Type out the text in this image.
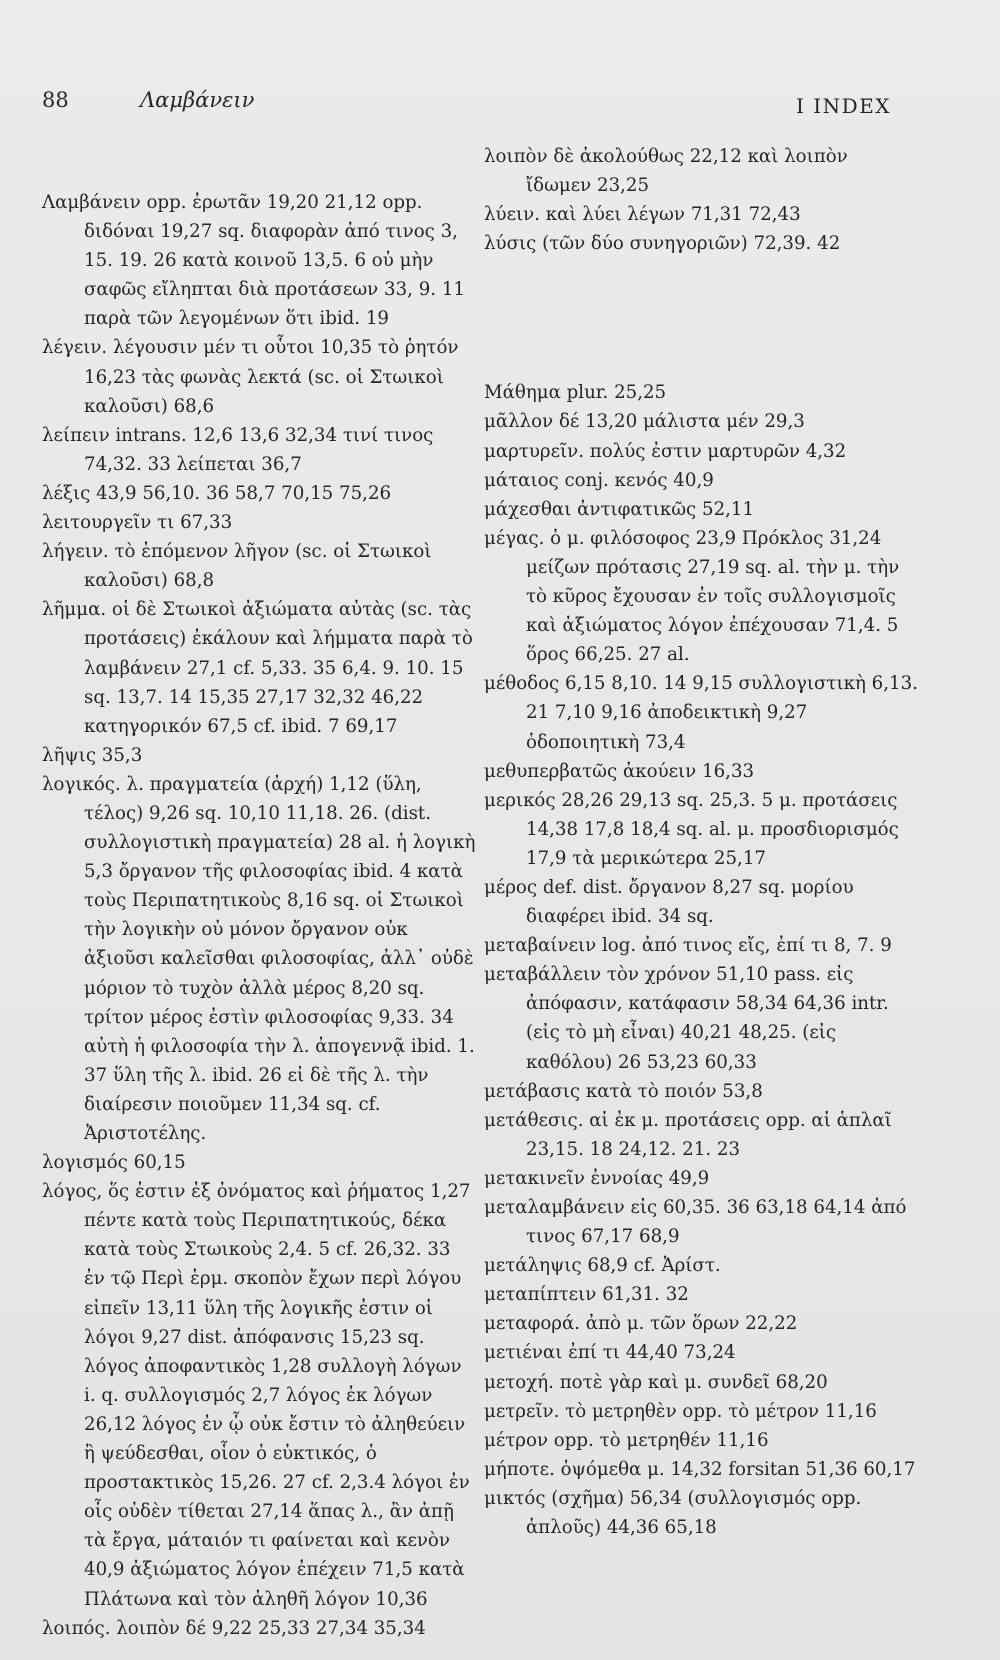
88	Λαμβάνειν	I INDEX

Λαμβάνειν opp. ἐρωτᾶν 19,20 21,12 opp. διδόναι 19,27 sq. διαφορὰν ἀπό τινος 3, 15. 19. 26 κατὰ κοινοῦ 13,5. 6 οὐ μὴν σαφῶς εἴληπται διὰ προτάσεων 33, 9. 11 παρὰ τῶν λεγομένων ὅτι ibid. 19

λέγειν. λέγουσιν μέν τι οὗτοι 10,35 τὸ ῥητόν 16,23 τὰς φωνὰς λεκτά (sc. οἱ Στωικοὶ καλοῦσι) 68,6

λείπειν intrans. 12,6 13,6 32,34 τινί τινος 74,32. 33 λείπεται 36,7

λέξις 43,9 56,10. 36 58,7 70,15 75,26

λειτουργεῖν τι 67,33

λήγειν. τὸ ἑπόμενον λῆγον (sc. οἱ Στωικοὶ καλοῦσι) 68,8

λῆμμα. οἱ δὲ Στωικοὶ ἀξιώματα αὐτὰς (sc. τὰς προτάσεις) ἐκάλουν καὶ λήμματα παρὰ τὸ λαμβάνειν 27,1 cf. 5,33. 35 6,4. 9. 10. 15 sq. 13,7. 14 15,35 27,17 32,32 46,22 κατηγορικόν 67,5 cf. ibid. 7 69,17

λῆψις 35,3

λογικός. λ. πραγματεία (ἀρχή) 1,12 (ὕλη, τέλος) 9,26 sq. 10,10 11,18. 26. (dist. συλλογιστικὴ πραγματεία) 28 al. ἡ λογικὴ 5,3 ὄργανον τῆς φιλοσοφίας ibid. 4 κατὰ τοὺς Περιπατητικοὺς 8,16 sq. οἱ Στωικοὶ τὴν λογικὴν οὐ μόνον ὄργανον οὐκ ἀξιοῦσι καλεῖσθαι φιλοσοφίας, ἀλλ᾽ οὐδὲ μόριον τὸ τυχὸν ἀλλὰ μέρος 8,20 sq. τρίτον μέρος ἐστὶν φιλοσοφίας 9,33. 34 αὐτὴ ἡ φιλοσοφία τὴν λ. ἀπογεννᾷ ibid. 1. 37 ὕλη τῆς λ. ibid. 26 εἰ δὲ τῆς λ. τὴν διαίρεσιν ποιοῦμεν 11,34 sq. cf. Ἀριστοτέλης.

λογισμός 60,15

λόγος, ὅς ἐστιν ἐξ ὀνόματος καὶ ῥήματος 1,27 πέντε κατὰ τοὺς Περιπατητικούς, δέκα κατὰ τοὺς Στωικοὺς 2,4. 5 cf. 26,32. 33 ἐν τῷ Περὶ ἑρμ. σκοπὸν ἔχων περὶ λόγου εἰπεῖν 13,11 ὕλη τῆς λογικῆς ἐστιν οἱ λόγοι 9,27 dist. ἀπόφανσις 15,23 sq. λόγος ἀποφαντικὸς 1,28 συλλογὴ λόγων i. q. συλλογισμός 2,7 λόγος ἐκ λόγων 26,12 λόγος ἐν ᾧ οὐκ ἔστιν τὸ ἀληθεύειν ἢ ψεύδεσθαι, οἷον ὁ εὐκτικός, ὁ προστακτικὸς 15,26. 27 cf. 2,3.4 λόγοι ἐν οἷς οὐδὲν τίθεται 27,14 ἅπας λ., ἂν ἀπῇ τὰ ἔργα, μάταιόν τι φαίνεται καὶ κενὸν 40,9 ἀξιώματος λόγον ἐπέχειν 71,5 κατὰ Πλάτωνα καὶ τὸν ἀληθῆ λόγον 10,36

λοιπός. λοιπὸν δέ 9,22 25,33 27,34 35,34

λοιπὸν δὲ ἀκολούθως 22,12 καὶ λοιπὸν ἴδωμεν 23,25

λύειν. καὶ λύει λέγων 71,31 72,43

λύσις (τῶν δύο συνηγοριῶν) 72,39. 42

Μάθημα plur. 25,25

μᾶλλον δέ 13,20 μάλιστα μέν 29,3

μαρτυρεῖν. πολύς ἐστιν μαρτυρῶν 4,32

μάταιος conj. κενός 40,9

μάχεσθαι ἀντιφατικῶς 52,11

μέγας. ὁ μ. φιλόσοφος 23,9 Πρόκλος 31,24 μείζων πρότασις 27,19 sq. al. τὴν μ. τὴν τὸ κῦρος ἔχουσαν ἐν τοῖς συλλογισμοῖς καὶ ἀξιώματος λόγον ἐπέχουσαν 71,4. 5 ὅρος 66,25. 27 al.

μέθοδος 6,15 8,10. 14 9,15 συλλογιστικὴ 6,13. 21 7,10 9,16 ἀποδεικτικὴ 9,27 ὁδοποιητικὴ 73,4

μεθυπερβατῶς ἀκούειν 16,33

μερικός 28,26 29,13 sq. 25,3. 5 μ. προτάσεις 14,38 17,8 18,4 sq. al. μ. προσδιορισμός 17,9 τὰ μερικώτερα 25,17

μέρος def. dist. ὄργανον 8,27 sq. μορίου διαφέρει ibid. 34 sq.

μεταβαίνειν log. ἀπό τινος εἴς, ἐπί τι 8, 7. 9

μεταβάλλειν τὸν χρόνον 51,10 pass. εἰς ἀπόφασιν, κατάφασιν 58,34 64,36 intr. (εἰς τὸ μὴ εἶναι) 40,21 48,25. (εἰς καθόλου) 26 53,23 60,33

μετάβασις κατὰ τὸ ποιόν 53,8

μετάθεσις. αἱ ἐκ μ. προτάσεις opp. αἱ ἁπλαῖ 23,15. 18 24,12. 21. 23

μετακινεῖν ἐννοίας 49,9

μεταλαμβάνειν εἰς 60,35. 36 63,18 64,14 ἀπό τινος 67,17 68,9

μετάληψις 68,9 cf. Ἀρίστ.

μεταπίπτειν 61,31. 32

μεταφορά. ἀπὸ μ. τῶν ὅρων 22,22

μετιέναι ἐπί τι 44,40 73,24

μετοχή. ποτὲ γὰρ καὶ μ. συνδεῖ 68,20

μετρεῖν. τὸ μετρηθὲν opp. τὸ μέτρον 11,16

μέτρον opp. τὸ μετρηθέν 11,16

μήποτε. ὀψόμεθα μ. 14,32 forsitan 51,36 60,17

μικτός (σχῆμα) 56,34 (συλλογισμός opp. ἁπλοῦς) 44,36 65,18
